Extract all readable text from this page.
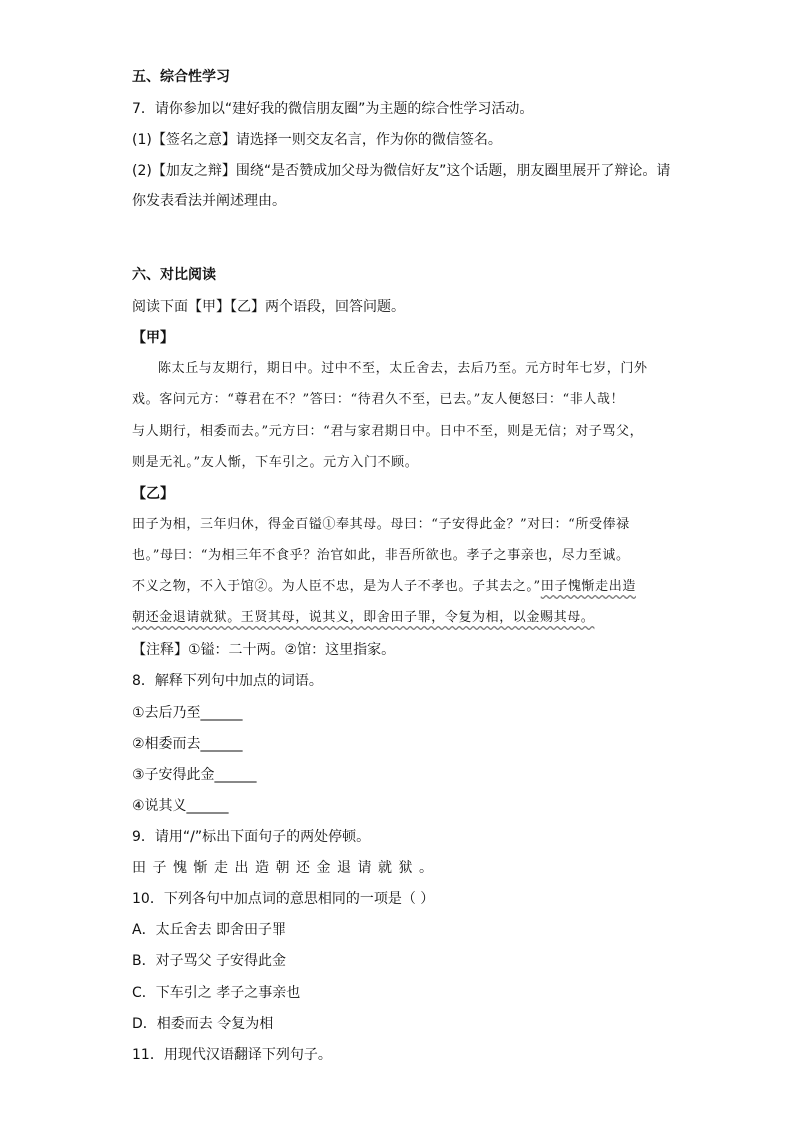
五、综合性学习
7．请你参加以“建好我的微信朋友圈”为主题的综合性学习活动。
(1)【签名之意】请选择一则交友名言，作为你的微信签名。
(2)【加友之辩】围绕“是否赞成加父母为微信好友”这个话题，朋友圈里展开了辩论。请
你发表看法并阐述理由。
六、对比阅读
阅读下面【甲】【乙】两个语段，回答问题。
【甲】
陈太丘与友期行，期日中。过中不至，太丘舍去，去后乃至。元方时年七岁，门外
戏。客问元方：“尊君在不？”答曰：“待君久不至，已去。”友人便怒曰：“非人哉！
与人期行，相委而去。”元方曰：“君与家君期日中。日中不至，则是无信；对子骂父，
则是无礼。”友人惭，下车引之。元方入门不顾。
【乙】
田子为相，三年归休，得金百镒①奉其母。母曰：“子安得此金？”对曰：“所受俸禄
也。”母曰：“为相三年不食乎？治官如此，非吾所欲也。孝子之事亲也，尽力至诚。
不义之物，不入于馆②。为人臣不忠，是为人子不孝也。子其去之。”田子愧惭走出造
朝还金退请就狱。王贤其母，说其义，即舍田子罪，令复为相，以金赐其母。
【注释】①镒：二十两。②馆：这里指家。
8．解释下列句中加点的词语。
①去后乃至______
②相委而去______
③子安得此金______
④说其义______
9．请用“/”标出下面句子的两处停顿。
田子愧惭走出造朝还金退请就狱。
10．下列各句中加点词的意思相同的一项是（ ）
A．太丘舍去 即舍田子罪
B．对子骂父 子安得此金
C．下车引之 孝子之事亲也
D．相委而去 令复为相
11．用现代汉语翻译下列句子。
